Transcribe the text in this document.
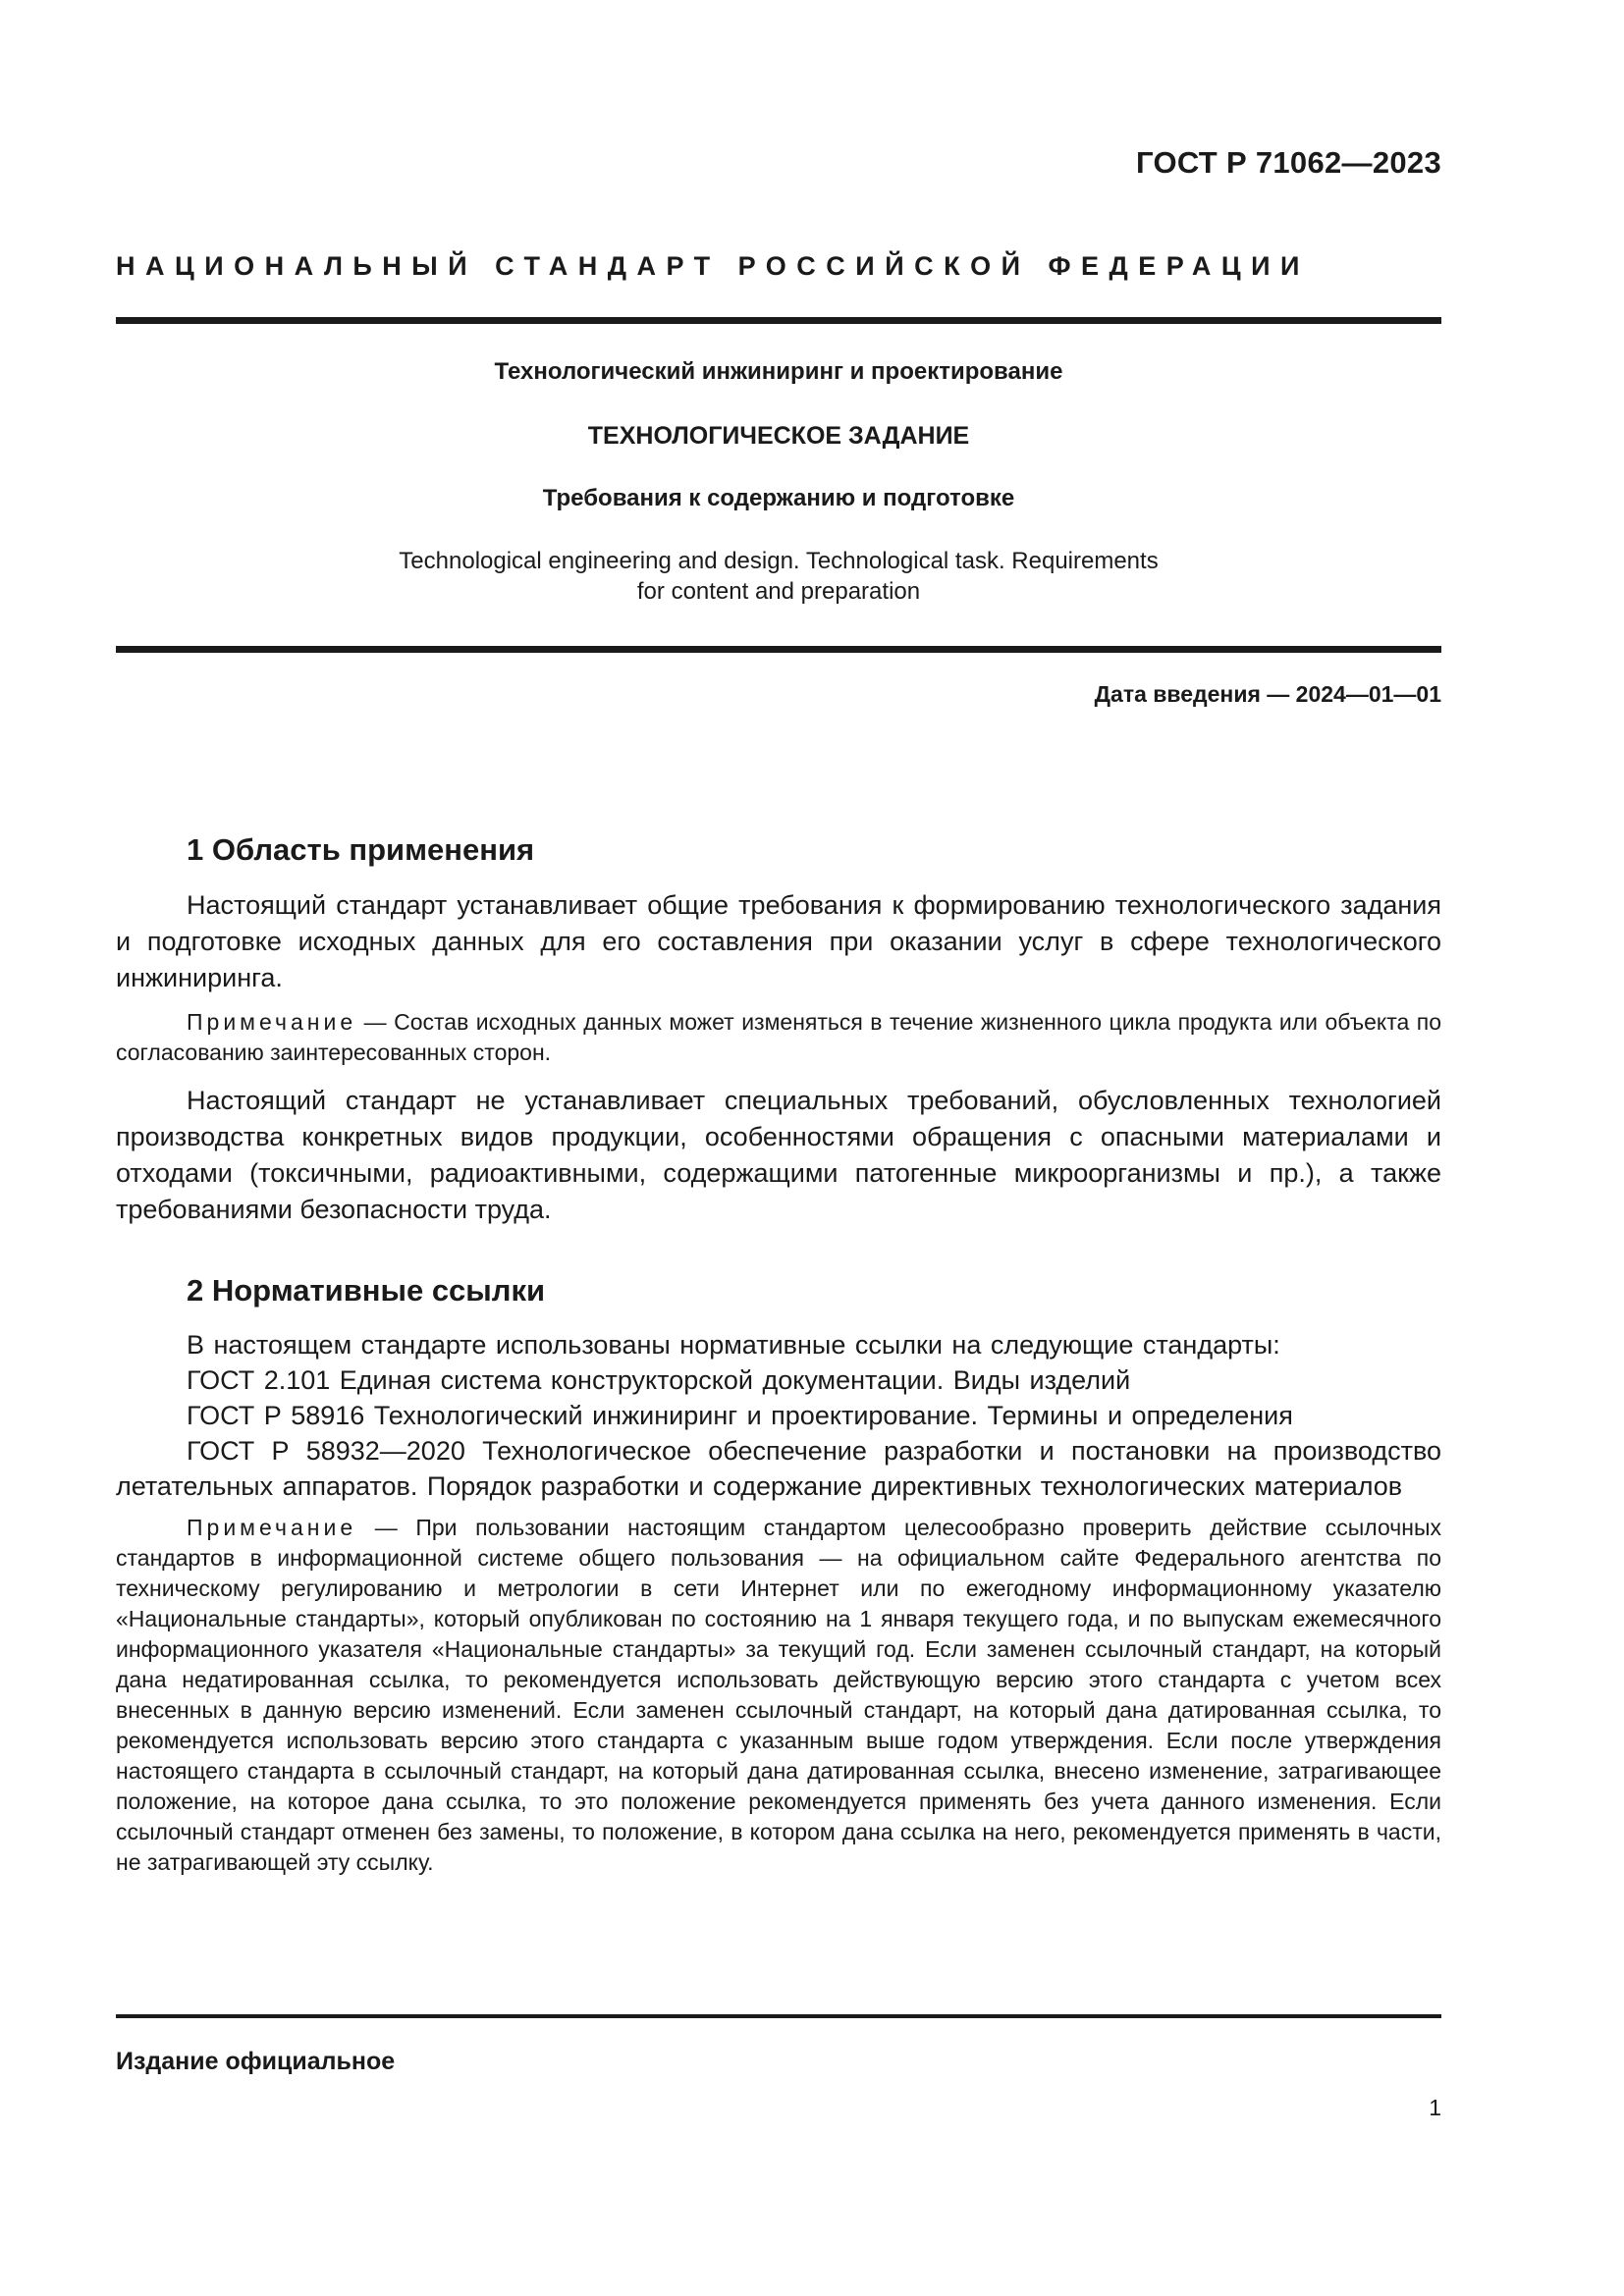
ГОСТ Р 71062—2023
НАЦИОНАЛЬНЫЙ СТАНДАРТ РОССИЙСКОЙ ФЕДЕРАЦИИ
Технологический инжиниринг и проектирование
ТЕХНОЛОГИЧЕСКОЕ ЗАДАНИЕ
Требования к содержанию и подготовке
Technological engineering and design. Technological task. Requirements
for content and preparation
Дата введения — 2024—01—01
1 Область применения

Настоящий стандарт устанавливает общие требования к формированию технологического задания и подготовке исходных данных для его составления при оказании услуг в сфере технологического инжиниринга.

Примечание — Состав исходных данных может изменяться в течение жизненного цикла продукта или объекта по согласованию заинтересованных сторон.

Настоящий стандарт не устанавливает специальных требований, обусловленных технологией производства конкретных видов продукции, особенностями обращения с опасными материалами и отходами (токсичными, радиоактивными, содержащими патогенные микроорганизмы и пр.), а также требованиями безопасности труда.

2 Нормативные ссылки

В настоящем стандарте использованы нормативные ссылки на следующие стандарты:

ГОСТ 2.101 Единая система конструкторской документации. Виды изделий

ГОСТ Р 58916 Технологический инжиниринг и проектирование. Термины и определения

ГОСТ Р 58932—2020 Технологическое обеспечение разработки и постановки на производство летательных аппаратов. Порядок разработки и содержание директивных технологических материалов

Примечание — При пользовании настоящим стандартом целесообразно проверить действие ссылочных стандартов в информационной системе общего пользования — на официальном сайте Федерального агентства по техническому регулированию и метрологии в сети Интернет или по ежегодному информационному указателю «Национальные стандарты», который опубликован по состоянию на 1 января текущего года, и по выпускам ежемесячного информационного указателя «Национальные стандарты» за текущий год. Если заменен ссылочный стандарт, на который дана недатированная ссылка, то рекомендуется использовать действующую версию этого стандарта с учетом всех внесенных в данную версию изменений. Если заменен ссылочный стандарт, на который дана датированная ссылка, то рекомендуется использовать версию этого стандарта с указанным выше годом утверждения. Если после утверждения настоящего стандарта в ссылочный стандарт, на который дана датированная ссылка, внесено изменение, затрагивающее положение, на которое дана ссылка, то это положение рекомендуется применять без учета данного изменения. Если ссылочный стандарт отменен без замены, то положение, в котором дана ссылка на него, рекомендуется применять в части, не затрагивающей эту ссылку.

Издание официальное
1
